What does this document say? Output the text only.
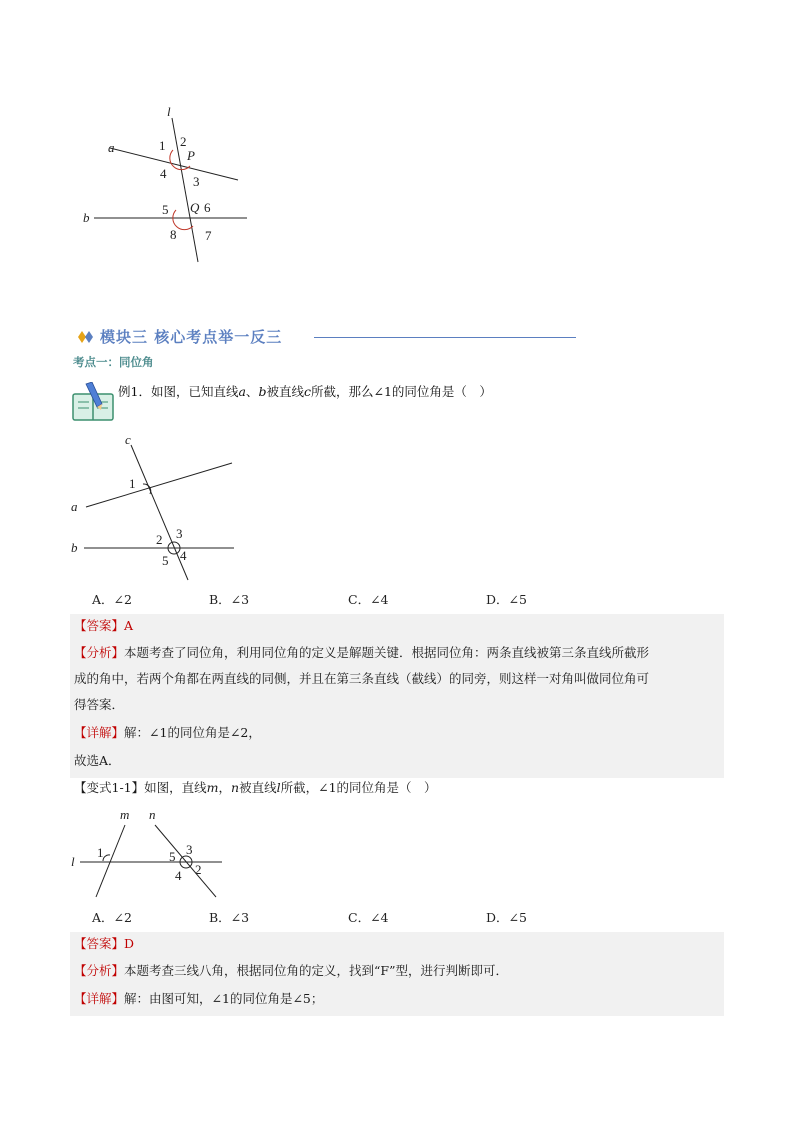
l
a
b
P
Q
1 2
3
4
5	6
7
8
模块三 核心考点举一反三
考点一：同位角
例1．如图，已知直线a、b被直线c所截，那么∠1的同位角是（　）
c
a
b
1
2 3
4
5
A．∠2	B．∠3	C．∠4	D．∠5
【答案】A
【分析】本题考查了同位角，利用同位角的定义是解题关键．根据同位角：两条直线被第三条直线所截形
成的角中，若两个角都在两直线的同侧，并且在第三条直线（截线）的同旁，则这样一对角叫做同位角可
得答案．
【详解】解：∠1的同位角是∠2，
故选A．
【变式1-1】如图，直线m，n被直线l所截，∠1的同位角是（　）
m n
l
1	5 3
2
4
A．∠2	B．∠3	C．∠4	D．∠5
【答案】D
【分析】本题考查三线八角，根据同位角的定义，找到“F”型，进行判断即可．
【详解】解：由图可知，∠1的同位角是∠5；
